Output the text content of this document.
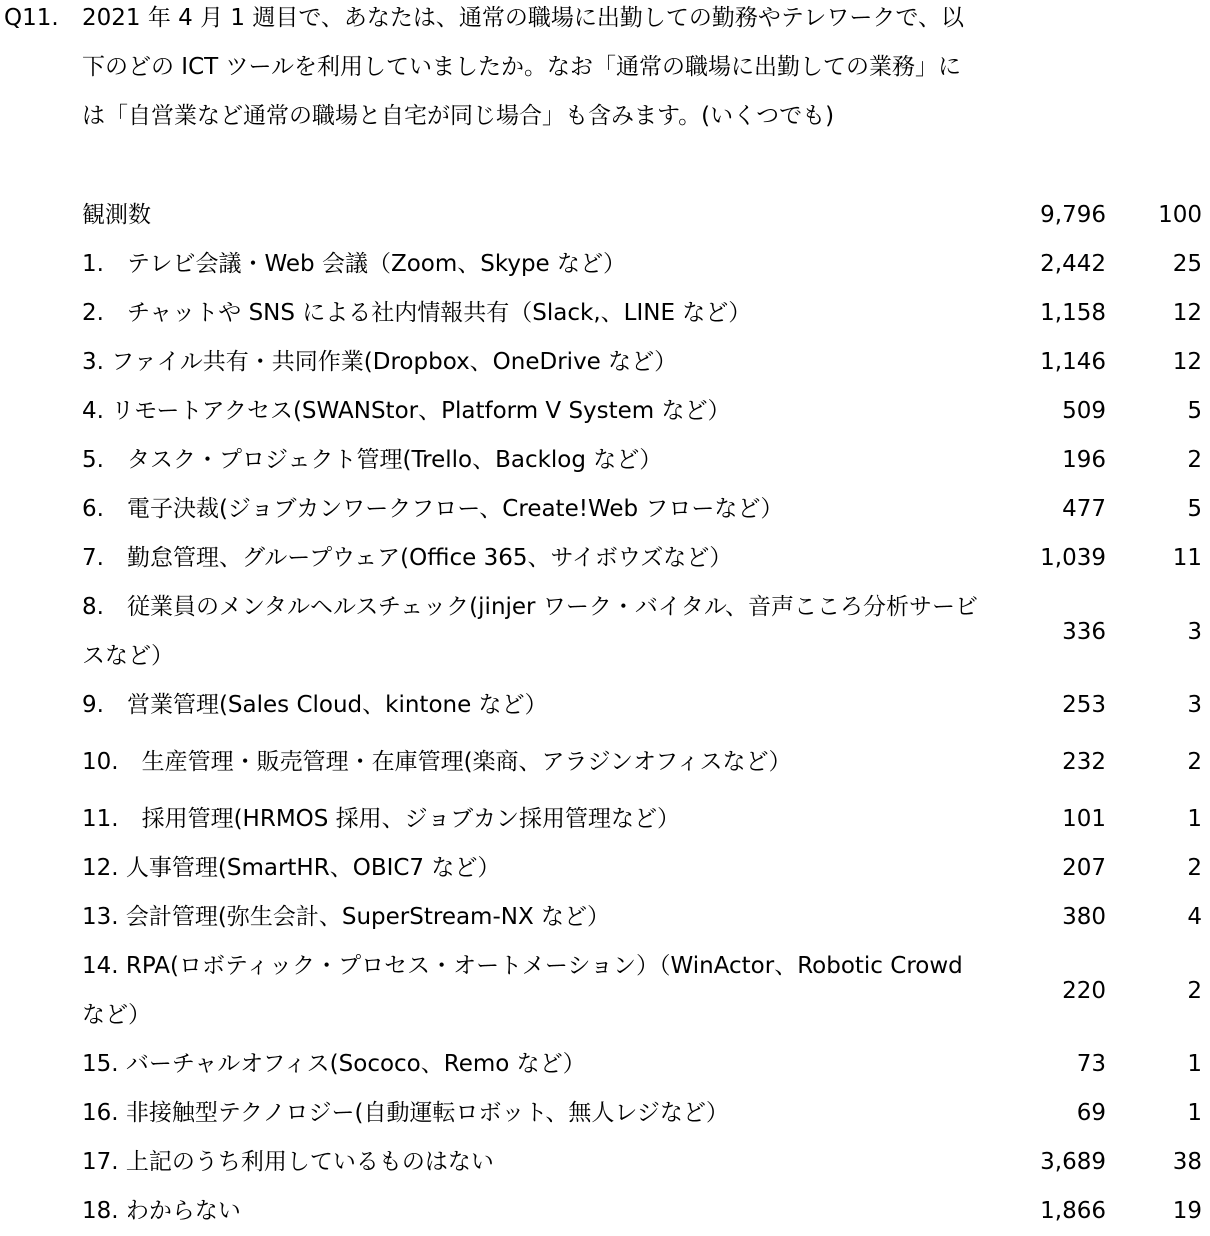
Q11. 2021 年 4 月 1 週目で、あなたは、通常の職場に出勤しての勤務やテレワークで、以下のどの ICT ツールを利用していましたか。なお「通常の職場に出勤しての業務」には「自営業など通常の職場と自宅が同じ場合」も含みます。(いくつでも)
観測数	9,796	100
1.　テレビ会議・Web 会議（Zoom、Skype など）	2,442	25
2.　チャットや SNS による社内情報共有（Slack,、LINE など）	1,158	12
3. ファイル共有・共同作業(Dropbox、OneDrive など）	1,146	12
4. リモートアクセス(SWANStor、Platform V System など）	509	5
5.　タスク・プロジェクト管理(Trello、Backlog など）	196	2
6.　電子決裁(ジョブカンワークフロー、Create!Web フローなど）	477	5
7.　勤怠管理、グループウェア(Office 365、サイボウズなど）	1,039	11
8.　従業員のメンタルヘルスチェック(jinjer ワーク・バイタル、音声こころ分析サービスなど）
336	3
9.　営業管理(Sales Cloud、kintone など）	253	3
10.　生産管理・販売管理・在庫管理(楽商、アラジンオフィスなど）	232	2
11.　採用管理(HRMOS 採用、ジョブカン採用管理など）	101	1
12. 人事管理(SmartHR、OBIC7 など）	207	2
13. 会計管理(弥生会計、SuperStream-NX など）	380	4
14. RPA(ロボティック・プロセス・オートメーション）（WinActor、Robotic Crowd など）
220	2
15. バーチャルオフィス(Sococo、Remo など）	73	1
16. 非接触型テクノロジー(自動運転ロボット、無人レジなど）	69	1
17. 上記のうち利用しているものはない	3,689	38
18. わからない	1,866	19
